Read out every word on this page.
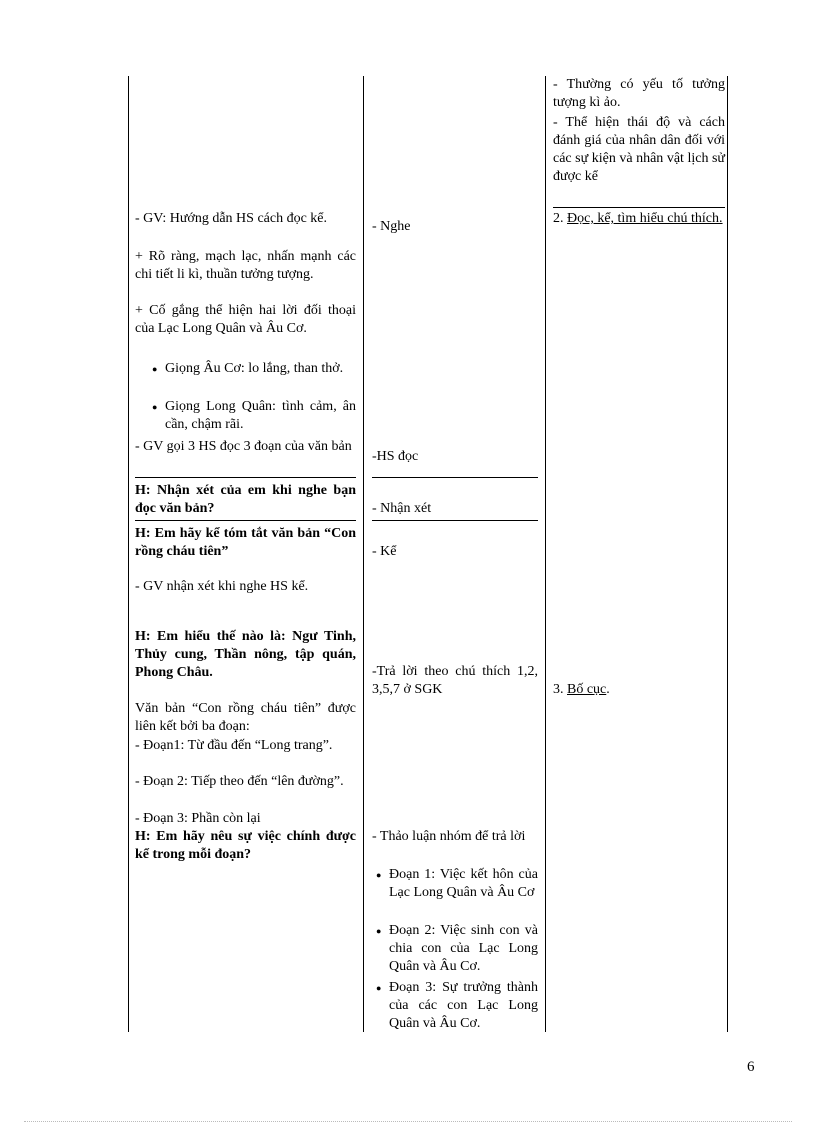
- GV: Hướng dẫn HS cách đọc kể.

+ Rõ ràng, mạch lạc, nhấn mạnh các chi tiết li kì, thuần tưởng tượng.

+ Cố gắng thể hiện hai lời đối thoại của Lạc Long Quân và Âu Cơ.

● Giọng Âu Cơ: lo lắng, than thở.

● Giọng Long Quân: tình cảm, ân cần, chậm rãi.

- GV gọi 3 HS đọc 3 đoạn của văn bản

H: Nhận xét của em khi nghe bạn đọc văn bản?

H: Em hãy kể tóm tắt văn bản “Con rồng cháu tiên”

- GV nhận xét khi nghe HS kể.

H: Em hiểu thế nào là: Ngư Tinh, Thủy cung, Thần nông, tập quán, Phong Châu.

Văn bản “Con rồng cháu tiên” được liên kết bởi ba đoạn:

- Đoạn1: Từ đầu đến “Long trang”.

- Đoạn 2: Tiếp theo đến “lên đường”.

- Đoạn 3: Phần còn lại

H: Em hãy nêu sự việc chính được kể trong mỗi đoạn?

- Nghe

-HS đọc

- Nhận xét

- Kể

-Trả lời theo chú thích 1,2, 3,5,7 ở SGK

- Thảo luận nhóm để trả lời

● Đoạn 1: Việc kết hôn của Lạc Long Quân và Âu Cơ

● Đoạn 2: Việc sinh con và chia con của Lạc Long Quân và Âu Cơ.

● Đoạn 3: Sự trưởng thành của các con Lạc Long Quân và Âu Cơ.

- Thường có yếu tố tưởng tượng kì ảo.

- Thể hiện thái độ và cách đánh giá của nhân dân đối với các sự kiện và nhân vật lịch sử được kể

2. Đọc, kể, tìm hiểu chú thích.

3. Bố cục.

6
